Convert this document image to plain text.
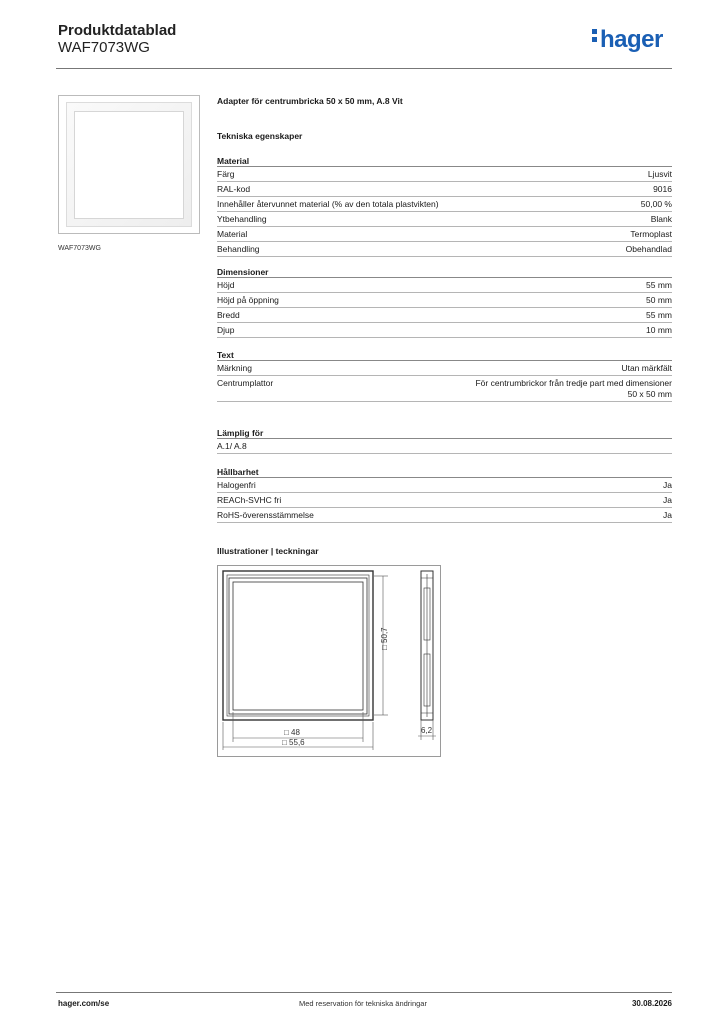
Produktdatablad
WAF7073WG	hager
WAF7073WG
Adapter för centrumbricka 50 x 50 mm, A.8 Vit
Tekniska egenskaper
Material
Färg	Ljusvit
RAL-kod	9016
Innehåller återvunnet material (% av den totala plastvikten)	50,00 %
Ytbehandling	Blank
Material	Termoplast
Behandling	Obehandlad
Dimensioner
Höjd	55 mm
Höjd på öppning	50 mm
Bredd	55 mm
Djup	10 mm
Text
Märkning	Utan märkfält
Centrumplattor	För centrumbrickor från tredje part med dimensioner 50 x 50 mm
Lämplig för
A.1/ A.8
Hållbarhet
Halogenfri	Ja
REACh-SVHC fri	Ja
RoHS-överensstämmelse	Ja
Illustrationer | teckningar
□ 50,7
□ 48
□ 55,6
6,2
hager.com/se	Med reservation för tekniska ändringar	30.08.2026
